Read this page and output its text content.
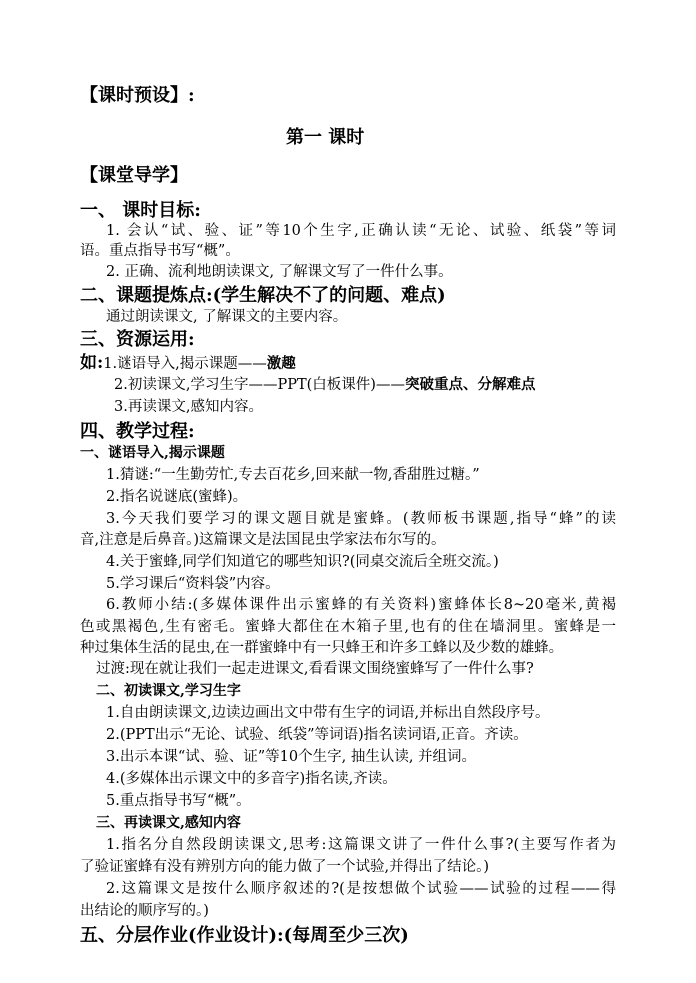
【课时预设】:
第一 课时
【课堂导学】
一、 课时目标:
1. 会认“试、验、证”等10个生字,正确认读“无论、试验、纸袋”等词
语。重点指导书写“概”。
2. 正确、流利地朗读课文, 了解课文写了一件什么事。
二、课题提炼点:(学生解决不了的问题、难点)
通过朗读课文, 了解课文的主要内容。
三、资源运用:
如:1.谜语导入,揭示课题——激趣
2.初读课文,学习生字——PPT(白板课件)——突破重点、分解难点
3.再读课文,感知内容。
四、教学过程:
一、谜语导入,揭示课题
1.猜谜:“一生勤劳忙,专去百花乡,回来献一物,香甜胜过糖。”
2.指名说谜底(蜜蜂)。
3.今天我们要学习的课文题目就是蜜蜂。(教师板书课题,指导“蜂”的读
音,注意是后鼻音。)这篇课文是法国昆虫学家法布尔写的。
4.关于蜜蜂,同学们知道它的哪些知识?(同桌交流后全班交流。)
5.学习课后“资料袋”内容。
6.教师小结:(多媒体课件出示蜜蜂的有关资料)蜜蜂体长8~20毫米,黄褐
色或黑褐色,生有密毛。蜜蜂大都住在木箱子里,也有的住在墙洞里。蜜蜂是一
种过集体生活的昆虫,在一群蜜蜂中有一只蜂王和许多工蜂以及少数的雄蜂。
过渡:现在就让我们一起走进课文,看看课文围绕蜜蜂写了一件什么事?
二、初读课文,学习生字
1.自由朗读课文,边读边画出文中带有生字的词语,并标出自然段序号。
2.(PPT出示“无论、试验、纸袋”等词语)指名读词语,正音。齐读。
3.出示本课“试、验、证”等10个生字, 抽生认读, 并组词。
4.(多媒体出示课文中的多音字)指名读,齐读。
5.重点指导书写“概”。
三、再读课文,感知内容
1.指名分自然段朗读课文,思考:这篇课文讲了一件什么事?(主要写作者为
了验证蜜蜂有没有辨别方向的能力做了一个试验,并得出了结论。)
2.这篇课文是按什么顺序叙述的?(是按想做个试验——试验的过程——得
出结论的顺序写的。)
五、分层作业(作业设计):(每周至少三次)
